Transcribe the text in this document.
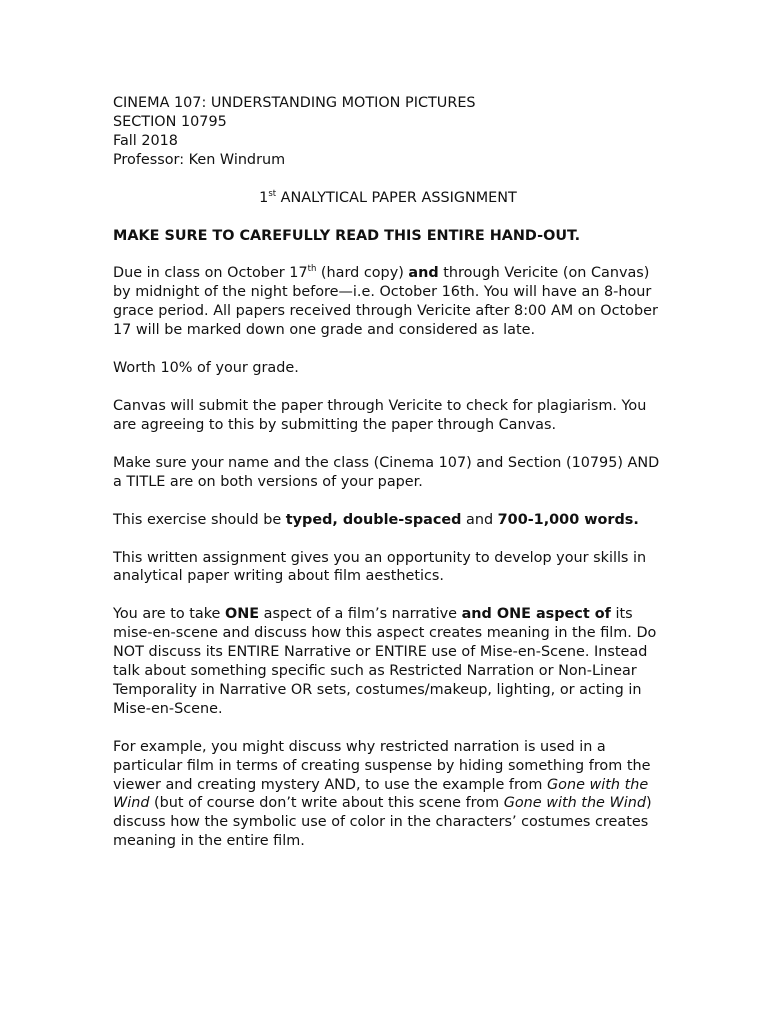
CINEMA 107: UNDERSTANDING MOTION PICTURES
SECTION 10795
Fall 2018
Professor: Ken Windrum
1st ANALYTICAL PAPER ASSIGNMENT

MAKE SURE TO CAREFULLY READ THIS ENTIRE HAND-OUT.

Due in class on October 17th (hard copy) and through Vericite (on Canvas) by midnight of the night before—i.e. October 16th. You will have an 8-hour grace period. All papers received through Vericite after 8:00 AM on October 17 will be marked down one grade and considered as late.

Worth 10% of your grade.

Canvas will submit the paper through Vericite to check for plagiarism. You are agreeing to this by submitting the paper through Canvas.

Make sure your name and the class (Cinema 107) and Section (10795) AND a TITLE are on both versions of your paper.

This exercise should be typed, double-spaced and 700-1,000 words.

This written assignment gives you an opportunity to develop your skills in analytical paper writing about film aesthetics.

You are to take ONE aspect of a film’s narrative and ONE aspect of its mise-en-scene and discuss how this aspect creates meaning in the film. Do NOT discuss its ENTIRE Narrative or ENTIRE use of Mise-en-Scene. Instead talk about something specific such as Restricted Narration or Non-Linear Temporality in Narrative OR sets, costumes/makeup, lighting, or acting in Mise-en-Scene.

For example, you might discuss why restricted narration is used in a particular film in terms of creating suspense by hiding something from the viewer and creating mystery AND, to use the example from Gone with the Wind (but of course don’t write about this scene from Gone with the Wind) discuss how the symbolic use of color in the characters’ costumes creates meaning in the entire film.
